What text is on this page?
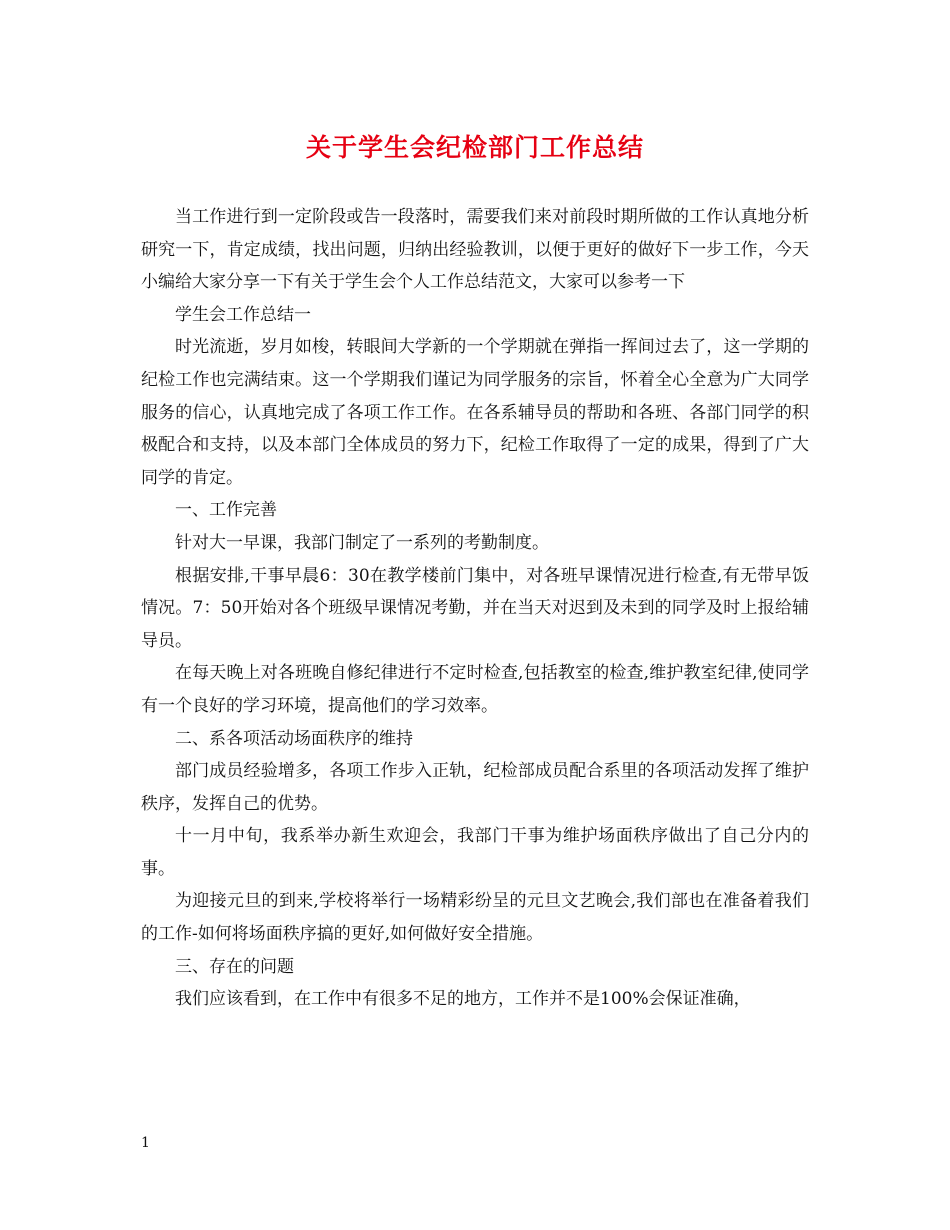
关于学生会纪检部门工作总结

当工作进行到一定阶段或告一段落时，需要我们来对前段时期所做的工作认真地分析研究一下，肯定成绩，找出问题，归纳出经验教训，以便于更好的做好下一步工作，今天小编给大家分享一下有关于学生会个人工作总结范文，大家可以参考一下

学生会工作总结一

时光流逝，岁月如梭，转眼间大学新的一个学期就在弹指一挥间过去了，这一学期的纪检工作也完满结束。这一个学期我们谨记为同学服务的宗旨，怀着全心全意为广大同学服务的信心，认真地完成了各项工作工作。在各系辅导员的帮助和各班、各部门同学的积极配合和支持，以及本部门全体成员的努力下，纪检工作取得了一定的成果，得到了广大同学的肯定。

一、工作完善

针对大一早课，我部门制定了一系列的考勤制度。

根据安排,干事早晨6：30在教学楼前门集中，对各班早课情况进行检查,有无带早饭情况。7：50开始对各个班级早课情况考勤，并在当天对迟到及未到的同学及时上报给辅导员。

在每天晚上对各班晚自修纪律进行不定时检查,包括教室的检查,维护教室纪律,使同学有一个良好的学习环境，提高他们的学习效率。

二、系各项活动场面秩序的维持

部门成员经验增多，各项工作步入正轨，纪检部成员配合系里的各项活动发挥了维护秩序，发挥自己的优势。

十一月中旬，我系举办新生欢迎会，我部门干事为维护场面秩序做出了自己分内的事。

为迎接元旦的到来,学校将举行一场精彩纷呈的元旦文艺晚会,我们部也在准备着我们的工作-如何将场面秩序搞的更好,如何做好安全措施。

三、存在的问题

我们应该看到，在工作中有很多不足的地方，工作并不是100%会保证准确，

1
